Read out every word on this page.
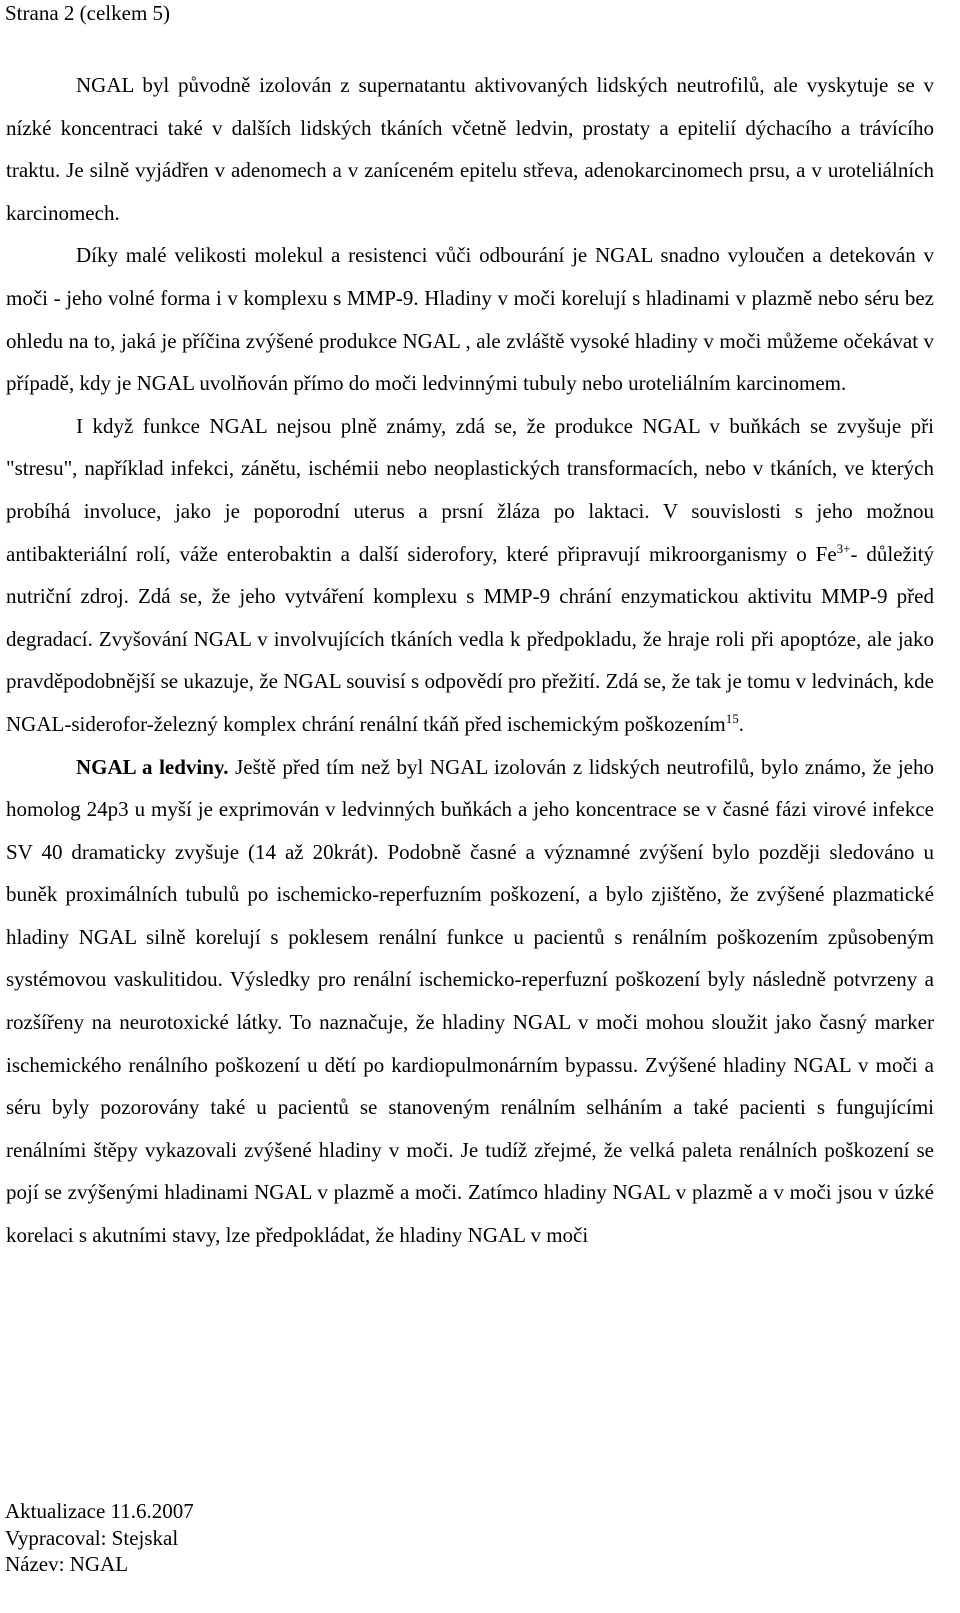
Strana 2 (celkem 5)

NGAL byl původně izolován z supernatantu aktivovaných lidských neutrofilů, ale vyskytuje se v nízké koncentraci také v dalších lidských tkáních včetně ledvin, prostaty a epitelií dýchacího a trávícího traktu. Je silně vyjádřen v adenomech a v zaníceném epitelu střeva, adenokarcinomech prsu, a v uroteliálních karcinomech.

Díky malé velikosti molekul a resistenci vůči odbourání je NGAL snadno vyloučen a detekován v moči - jeho volné forma i v komplexu s MMP-9. Hladiny v moči korelují s hladinami v plazmě nebo séru bez ohledu na to, jaká je příčina zvýšené produkce NGAL , ale zvláště vysoké hladiny v moči můžeme očekávat v případě, kdy je NGAL uvolňován přímo do moči ledvinnými tubuly nebo uroteliálním karcinomem.

I když funkce NGAL nejsou plně známy, zdá se, že produkce NGAL v buňkách se zvyšuje při "stresu", například infekci, zánětu, ischémii nebo neoplastických transformacích, nebo v tkáních, ve kterých probíhá involuce, jako je poporodní uterus a prsní žláza po laktaci. V souvislosti s jeho možnou antibakteriální rolí, váže enterobaktin a další siderofory, které připravují mikroorganismy o $Fe^{3+}-$ důležitý nutriční zdroj. Zdá se, že jeho vytváření komplexu s MMP-9 chrání enzymatickou aktivitu MMP-9 před degradací. Zvyšování NGAL v involvujících tkáních vedla k předpokladu, že hraje roli při apoptóze, ale jako pravděpodobnější se ukazuje, že NGAL souvisí s odpovědí pro přežití. Zdá se, že tak je tomu v ledvinách, kde NGAL-siderofor-železný komplex chrání renální tkáň před ischemickým poškozením$^{15}$.

NGAL a ledviny. Ještě před tím než byl NGAL izolován z lidských neutrofilů, bylo známo, že jeho homolog 24p3 u myší je exprimován v ledvinných buňkách a jeho koncentrace se v časné fázi virové infekce SV 40 dramaticky zvyšuje (14 až 20krát). Podobně časné a významné zvýšení bylo později sledováno u buněk proximálních tubulů po ischemicko-reperfuzním poškození, a bylo zjištěno, že zvýšené plazmatické hladiny NGAL silně korelují s poklesem renální funkce u pacientů s renálním poškozením způsobeným systémovou vaskulitidou. Výsledky pro renální ischemicko-reperfuzní poškození byly následně potvrzeny a rozšířeny na neurotoxické látky. To naznačuje, že hladiny NGAL v moči mohou sloužit jako časný marker ischemického renálního poškození u dětí po kardiopulmonárním bypassu. Zvýšené hladiny NGAL v moči a séru byly pozorovány také u pacientů se stanoveným renálním selháním a také pacienti s fungujícími renálními štěpy vykazovali zvýšené hladiny v moči. Je tudíž zřejmé, že velká paleta renálních poškození se pojí se zvýšenými hladinami NGAL v plazmě a moči. Zatímco hladiny NGAL v plazmě a v moči jsou v úzké korelaci s akutními stavy, lze předpokládat, že hladiny NGAL v moči

Aktualizace 11.6.2007
Vypracoval: Stejskal
Název: NGAL
